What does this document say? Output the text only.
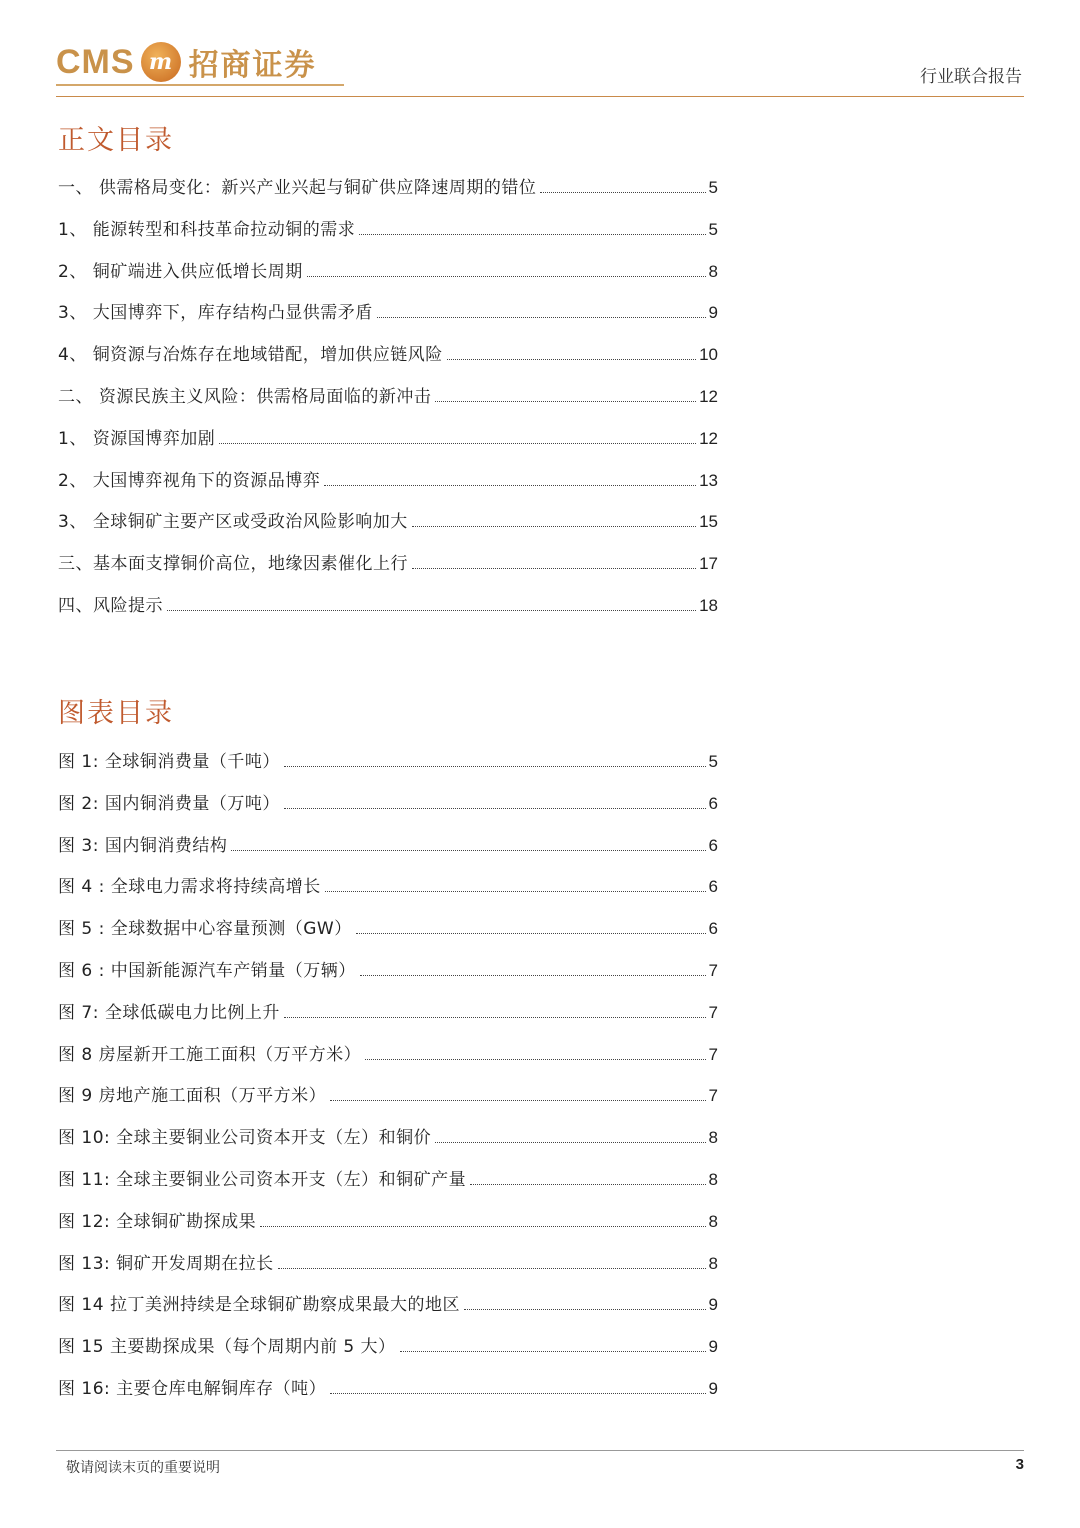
CMS m 招商证券	行业联合报告
正文目录
一、 供需格局变化：新兴产业兴起与铜矿供应降速周期的错位	5
1、 能源转型和科技革命拉动铜的需求	5
2、 铜矿端进入供应低增长周期	8
3、 大国博弈下，库存结构凸显供需矛盾	9
4、 铜资源与冶炼存在地域错配，增加供应链风险	10
二、 资源民族主义风险：供需格局面临的新冲击	12
1、 资源国博弈加剧	12
2、 大国博弈视角下的资源品博弈	13
3、 全球铜矿主要产区或受政治风险影响加大	15
三、基本面支撑铜价高位，地缘因素催化上行	17
四、风险提示	18
图表目录
图 1: 全球铜消费量（千吨）	5
图 2: 国内铜消费量（万吨）	6
图 3: 国内铜消费结构	6
图 4 : 全球电力需求将持续高增长	6
图 5 : 全球数据中心容量预测（GW）	6
图 6 : 中国新能源汽车产销量（万辆）	7
图 7: 全球低碳电力比例上升	7
图 8 房屋新开工施工面积（万平方米）	7
图 9 房地产施工面积（万平方米）	7
图 10: 全球主要铜业公司资本开支（左）和铜价	8
图 11: 全球主要铜业公司资本开支（左）和铜矿产量	8
图 12: 全球铜矿勘探成果	8
图 13: 铜矿开发周期在拉长	8
图 14 拉丁美洲持续是全球铜矿勘察成果最大的地区	9
图 15 主要勘探成果（每个周期内前 5 大）	9
图 16: 主要仓库电解铜库存（吨）	9
敬请阅读末页的重要说明	3
